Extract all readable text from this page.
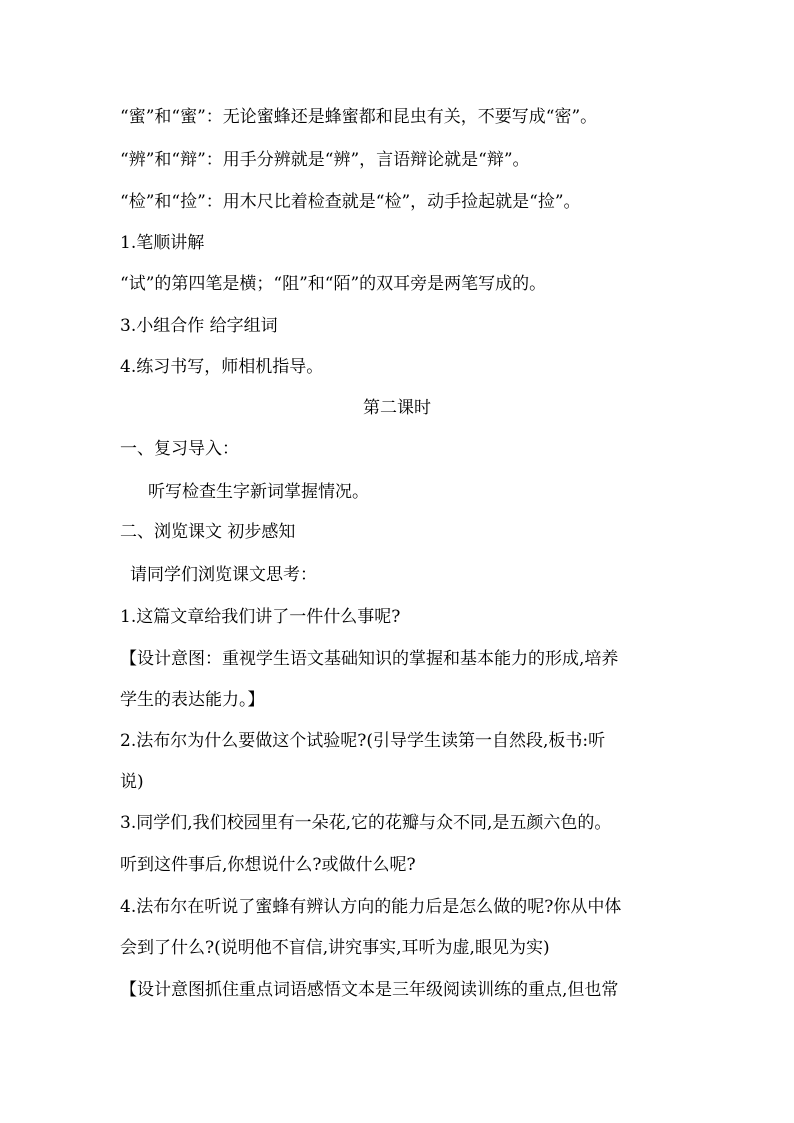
“蜜”和“蜜”：无论蜜蜂还是蜂蜜都和昆虫有关，不要写成“密”。
“辨”和“辩”：用手分辨就是“辨”，言语辩论就是“辩”。
“检”和“捡”：用木尺比着检查就是“检”，动手捡起就是“捡”。
1.笔顺讲解
“试”的第四笔是横；“阻”和“陌”的双耳旁是两笔写成的。
3.小组合作 给字组词
4.练习书写，师相机指导。
第二课时
一、复习导入：
听写检查生字新词掌握情况。
二、浏览课文 初步感知
请同学们浏览课文思考：
1.这篇文章给我们讲了一件什么事呢?
【设计意图：重视学生语文基础知识的掌握和基本能力的形成,培养
学生的表达能力。】
2.法布尔为什么要做这个试验呢?(引导学生读第一自然段,板书:听
说)
3.同学们,我们校园里有一朵花,它的花瓣与众不同,是五颜六色的。
听到这件事后,你想说什么?或做什么呢?
4.法布尔在听说了蜜蜂有辨认方向的能力后是怎么做的呢?你从中体
会到了什么?(说明他不盲信,讲究事实,耳听为虚,眼见为实)
【设计意图抓住重点词语感悟文本是三年级阅读训练的重点,但也常
